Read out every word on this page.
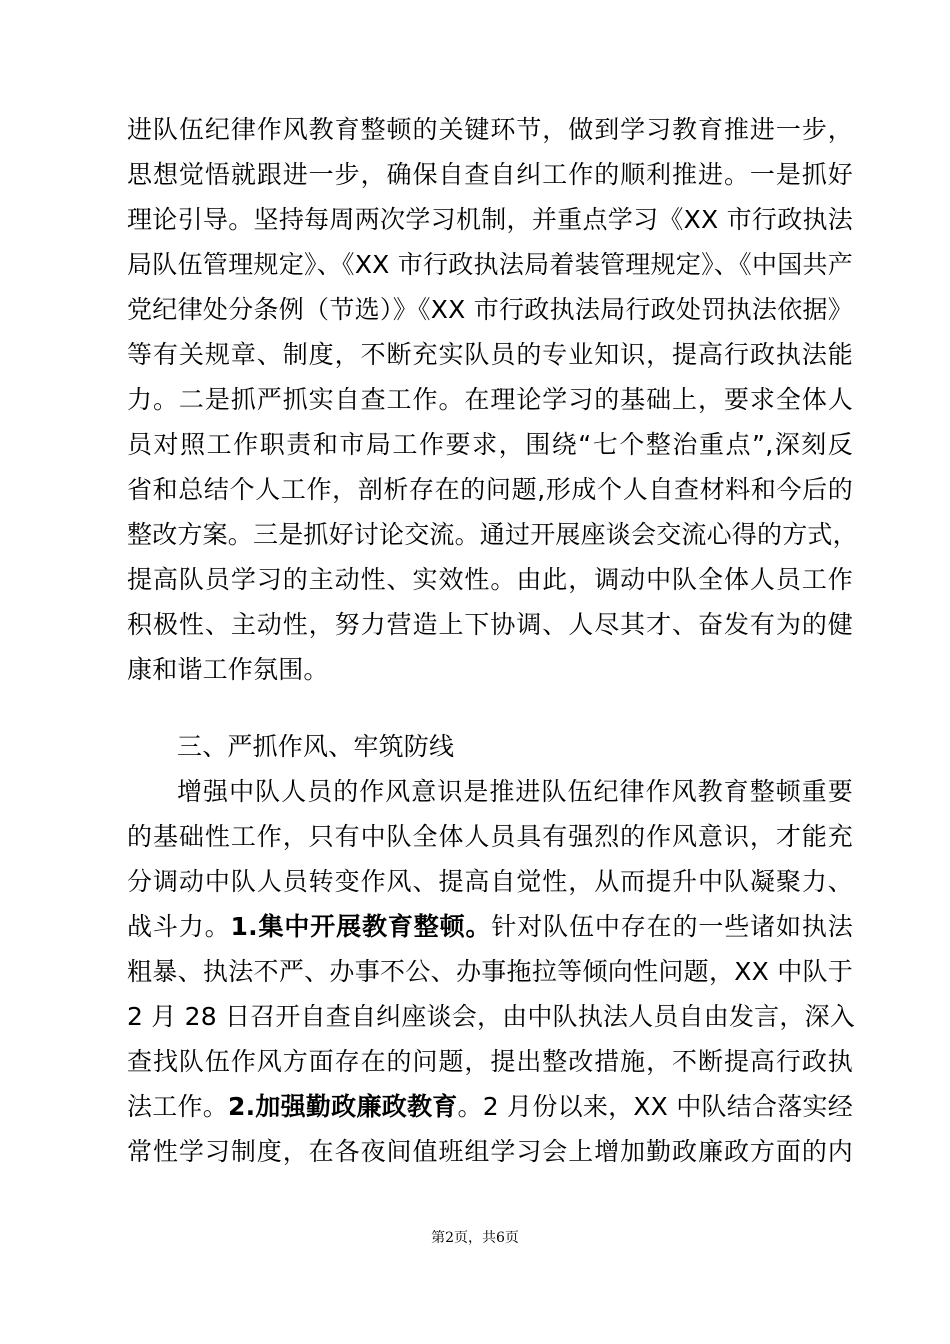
进队伍纪律作风教育整顿的关键环节，做到学习教育推进一步，
思想觉悟就跟进一步，确保自查自纠工作的顺利推进。一是抓好
理论引导。坚持每周两次学习机制，并重点学习《XX 市行政执法
局队伍管理规定》、《XX 市行政执法局着装管理规定》、《中国共产
党纪律处分条例（节选）》《XX 市行政执法局行政处罚执法依据》
等有关规章、制度，不断充实队员的专业知识，提高行政执法能
力。二是抓严抓实自查工作。在理论学习的基础上，要求全体人
员对照工作职责和市局工作要求，围绕“七个整治重点”,深刻反
省和总结个人工作，剖析存在的问题,形成个人自查材料和今后的
整改方案。三是抓好讨论交流。通过开展座谈会交流心得的方式，
提高队员学习的主动性、实效性。由此，调动中队全体人员工作
积极性、主动性，努力营造上下协调、人尽其才、奋发有为的健
康和谐工作氛围。
三、严抓作风、牢筑防线
增强中队人员的作风意识是推进队伍纪律作风教育整顿重要
的基础性工作，只有中队全体人员具有强烈的作风意识，才能充
分调动中队人员转变作风、提高自觉性，从而提升中队凝聚力、
战斗力。1.集中开展教育整顿。针对队伍中存在的一些诸如执法
粗暴、执法不严、办事不公、办事拖拉等倾向性问题，XX 中队于
2 月 28 日召开自查自纠座谈会，由中队执法人员自由发言，深入
查找队伍作风方面存在的问题，提出整改措施，不断提高行政执
法工作。2.加强勤政廉政教育。2 月份以来，XX 中队结合落实经
常性学习制度，在各夜间值班组学习会上增加勤政廉政方面的内
第2页，共6页
